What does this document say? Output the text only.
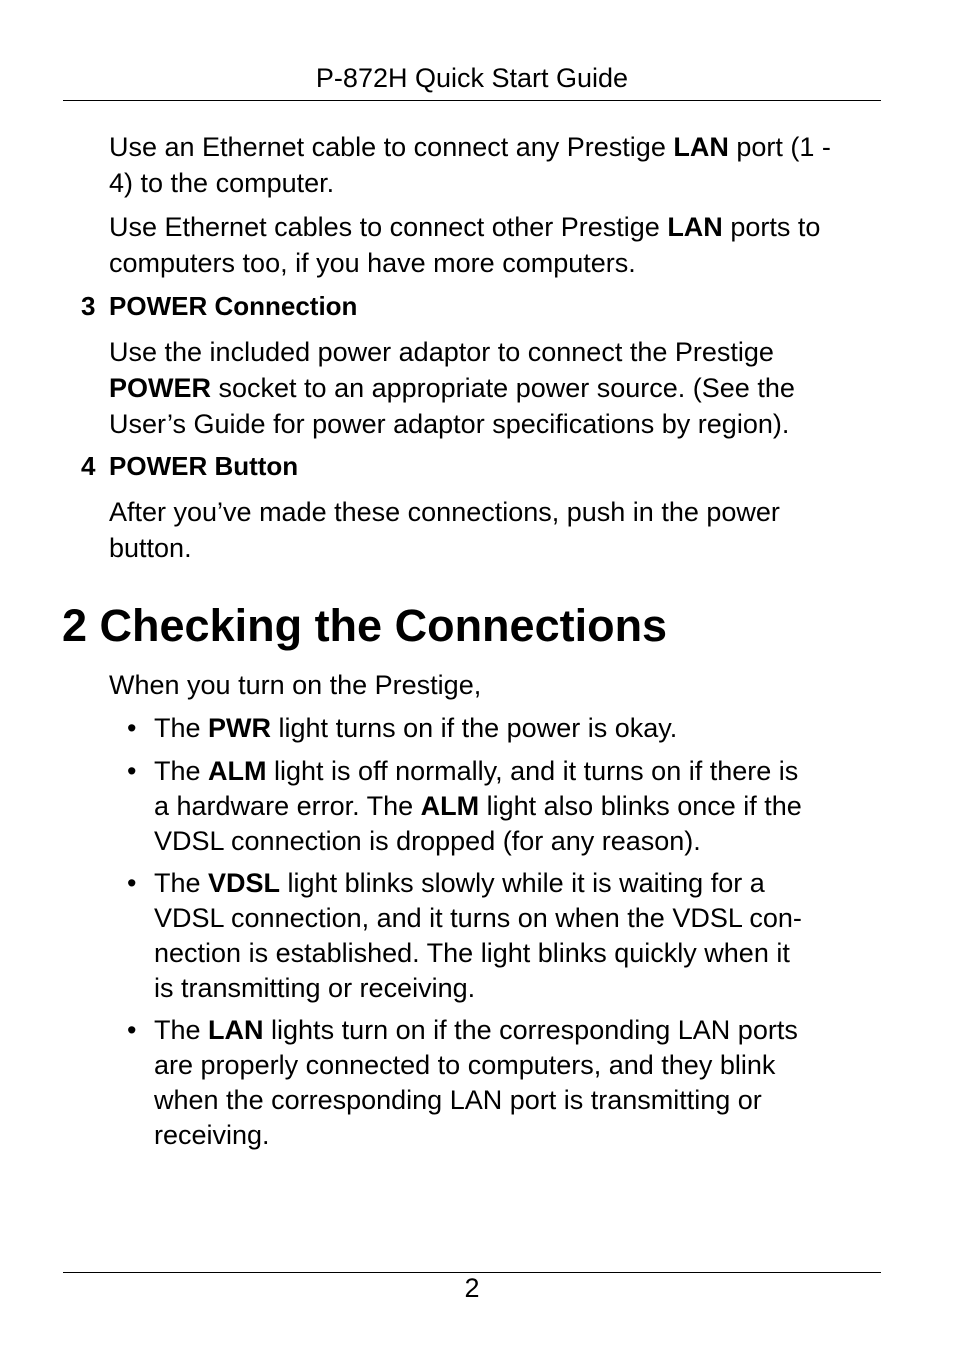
P-872H Quick Start Guide
Use an Ethernet cable to connect any Prestige LAN port (1 -
4) to the computer.
Use Ethernet cables to connect other Prestige LAN ports to
computers too, if you have more computers.
3 POWER Connection
Use the included power adaptor to connect the Prestige
POWER socket to an appropriate power source. (See the
User’s Guide for power adaptor specifications by region).
4 POWER Button
After you’ve made these connections, push in the power
button.
2 Checking the Connections
When you turn on the Prestige,
• The PWR light turns on if the power is okay.
• The ALM light is off normally, and it turns on if there is
a hardware error. The ALM light also blinks once if the
VDSL connection is dropped (for any reason).
• The VDSL light blinks slowly while it is waiting for a
VDSL connection, and it turns on when the VDSL con-
nection is established. The light blinks quickly when it
is transmitting or receiving.
• The LAN lights turn on if the corresponding LAN ports
are properly connected to computers, and they blink
when the corresponding LAN port is transmitting or
receiving.
2
